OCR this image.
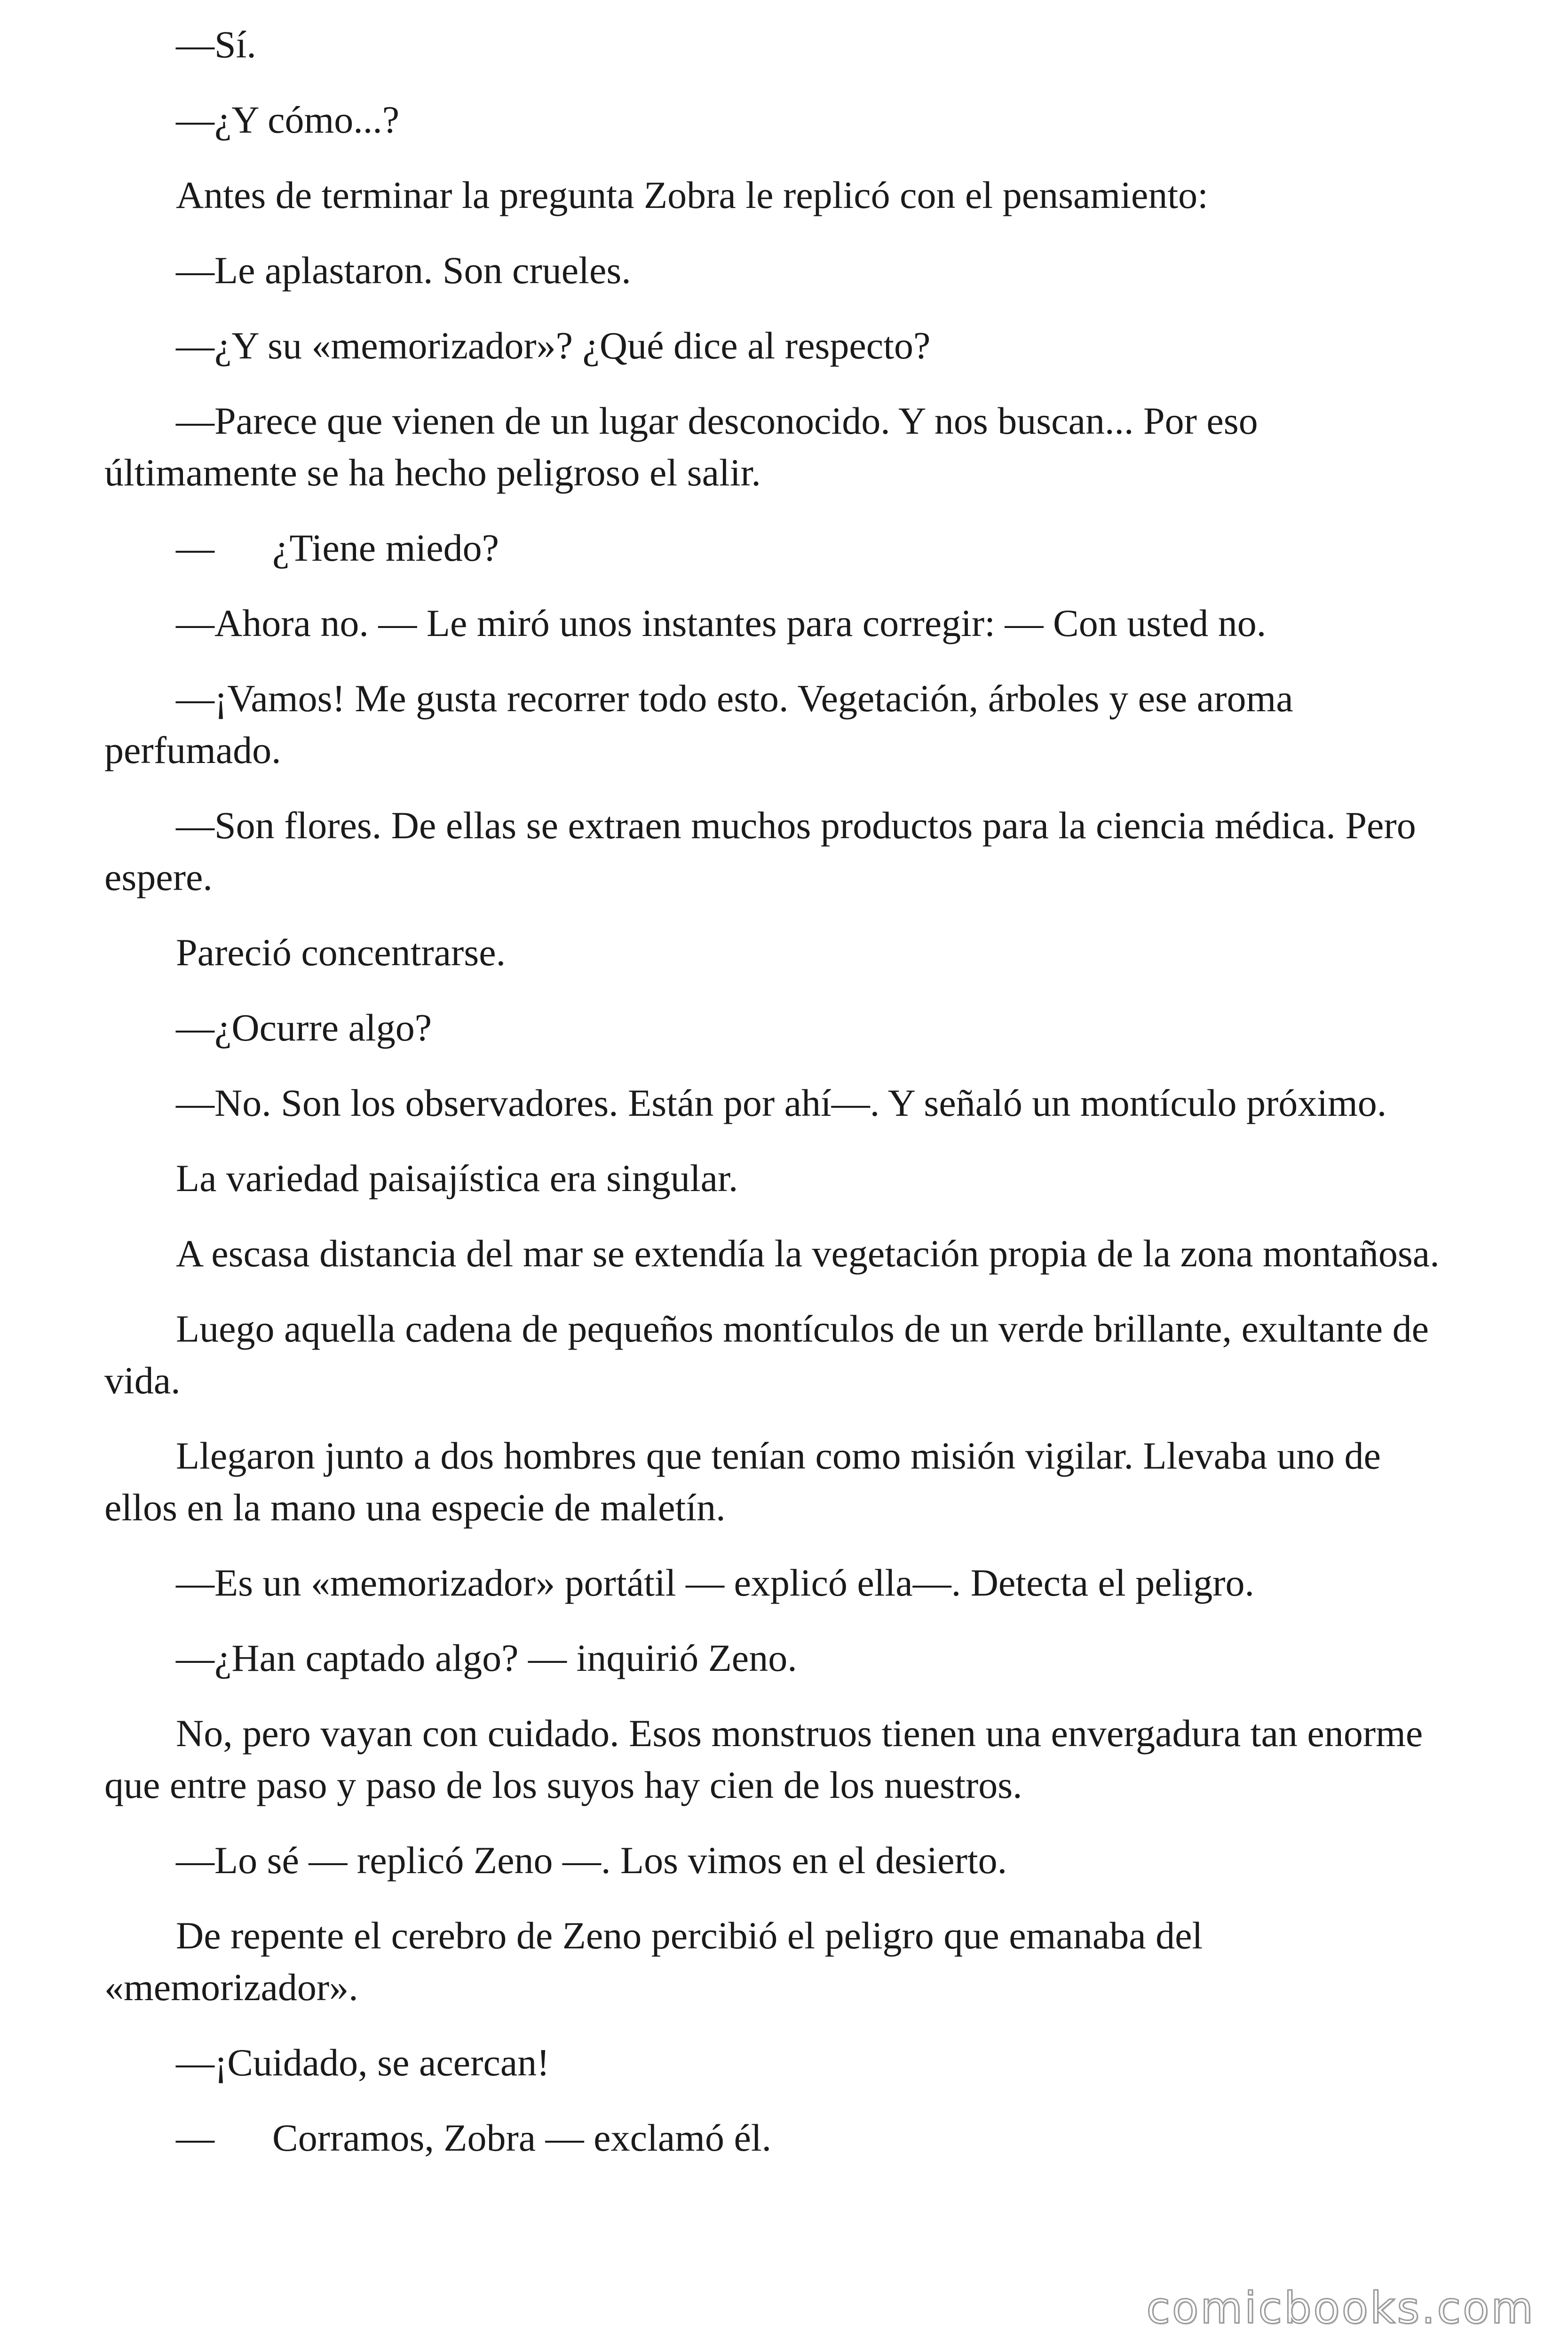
—Sí.

—¿Y cómo...?

Antes de terminar la pregunta Zobra le replicó con el pensamiento:

—Le aplastaron. Son crueles.

—¿Y su «memorizador»? ¿Qué dice al respecto?

—Parece que vienen de un lugar desconocido. Y nos buscan... Por eso últimamente se ha hecho peligroso el salir.

—      ¿Tiene miedo?

—Ahora no. — Le miró unos instantes para corregir: — Con usted no.

—¡Vamos! Me gusta recorrer todo esto. Vegetación, árboles y ese aroma perfumado.

—Son flores. De ellas se extraen muchos productos para la ciencia médica. Pero espere.

Pareció concentrarse.

—¿Ocurre algo?

—No. Son los observadores. Están por ahí—. Y señaló un montículo próximo.

La variedad paisajística era singular.

A escasa distancia del mar se extendía la vegetación propia de la zona montañosa.

Luego aquella cadena de pequeños montículos de un verde brillante, exultante de vida.

Llegaron junto a dos hombres que tenían como misión vigilar. Llevaba uno de ellos en la mano una especie de maletín.

—Es un «memorizador» portátil — explicó ella—. Detecta el peligro.

—¿Han captado algo? — inquirió Zeno.

No, pero vayan con cuidado. Esos monstruos tienen una envergadura tan enorme que entre paso y paso de los suyos hay cien de los nuestros.

—Lo sé — replicó Zeno —. Los vimos en el desierto.

De repente el cerebro de Zeno percibió el peligro que emanaba del «memorizador».

—¡Cuidado, se acercan!

—      Corramos, Zobra — exclamó él.

comicbooks.com
